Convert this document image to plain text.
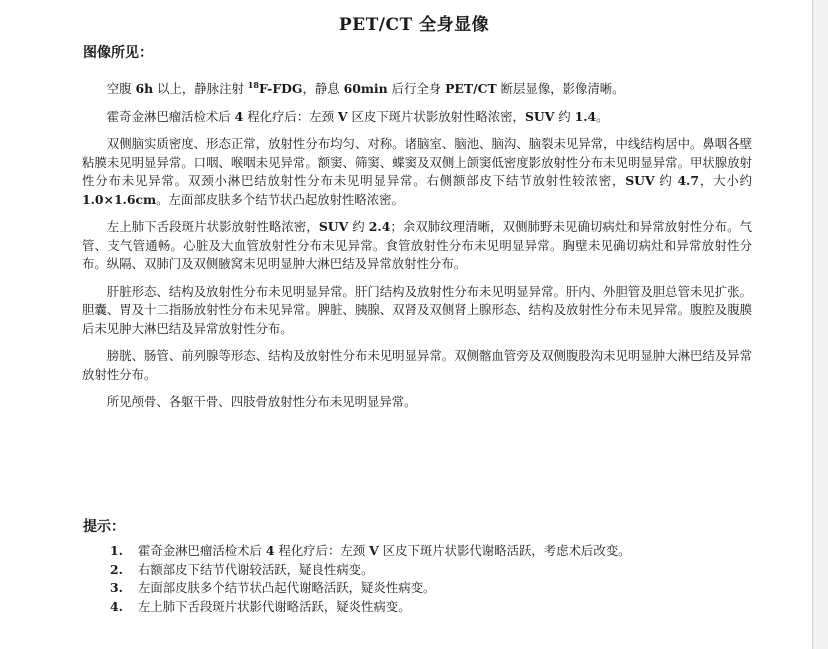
PET/CT 全身显像
图像所见：

空腹 6h 以上，静脉注射 $^{18}$F-FDG，静息 60min 后行全身 PET/CT 断层显像，影像清晰。

霍奇金淋巴瘤活检术后 4 程化疗后：左颈 V 区皮下斑片状影放射性略浓密，SUV 约 1.4。

双侧脑实质密度、形态正常，放射性分布均匀、对称。诸脑室、脑池、脑沟、脑裂未见异常，中线结构居中。鼻咽各壁粘膜未见明显异常。口咽、喉咽未见异常。额窦、筛窦、蝶窦及双侧上颌窦低密度影放射性分布未见明显异常。甲状腺放射性分布未见异常。双颈小淋巴结放射性分布未见明显异常。右侧额部皮下结节放射性较浓密，SUV 约 4.7，大小约 1.0×1.6cm。左面部皮肤多个结节状凸起放射性略浓密。

左上肺下舌段斑片状影放射性略浓密，SUV 约 2.4；余双肺纹理清晰，双侧肺野未见确切病灶和异常放射性分布。气管、支气管通畅。心脏及大血管放射性分布未见异常。食管放射性分布未见明显异常。胸壁未见确切病灶和异常放射性分布。纵隔、双肺门及双侧腋窝未见明显肿大淋巴结及异常放射性分布。

肝脏形态、结构及放射性分布未见明显异常。肝门结构及放射性分布未见明显异常。肝内、外胆管及胆总管未见扩张。胆囊、胃及十二指肠放射性分布未见异常。脾脏、胰腺、双肾及双侧肾上腺形态、结构及放射性分布未见异常。腹腔及腹膜后未见肿大淋巴结及异常放射性分布。

膀胱、肠管、前列腺等形态、结构及放射性分布未见明显异常。双侧髂血管旁及双侧腹股沟未见明显肿大淋巴结及异常放射性分布。

所见颅骨、各躯干骨、四肢骨放射性分布未见明显异常。

提示：
1.	霍奇金淋巴瘤活检术后 4 程化疗后：左颈 V 区皮下斑片状影代谢略活跃，考虑术后改变。
2.	右额部皮下结节代谢较活跃，疑良性病变。
3.	左面部皮肤多个结节状凸起代谢略活跃，疑炎性病变。
4.	左上肺下舌段斑片状影代谢略活跃，疑炎性病变。
